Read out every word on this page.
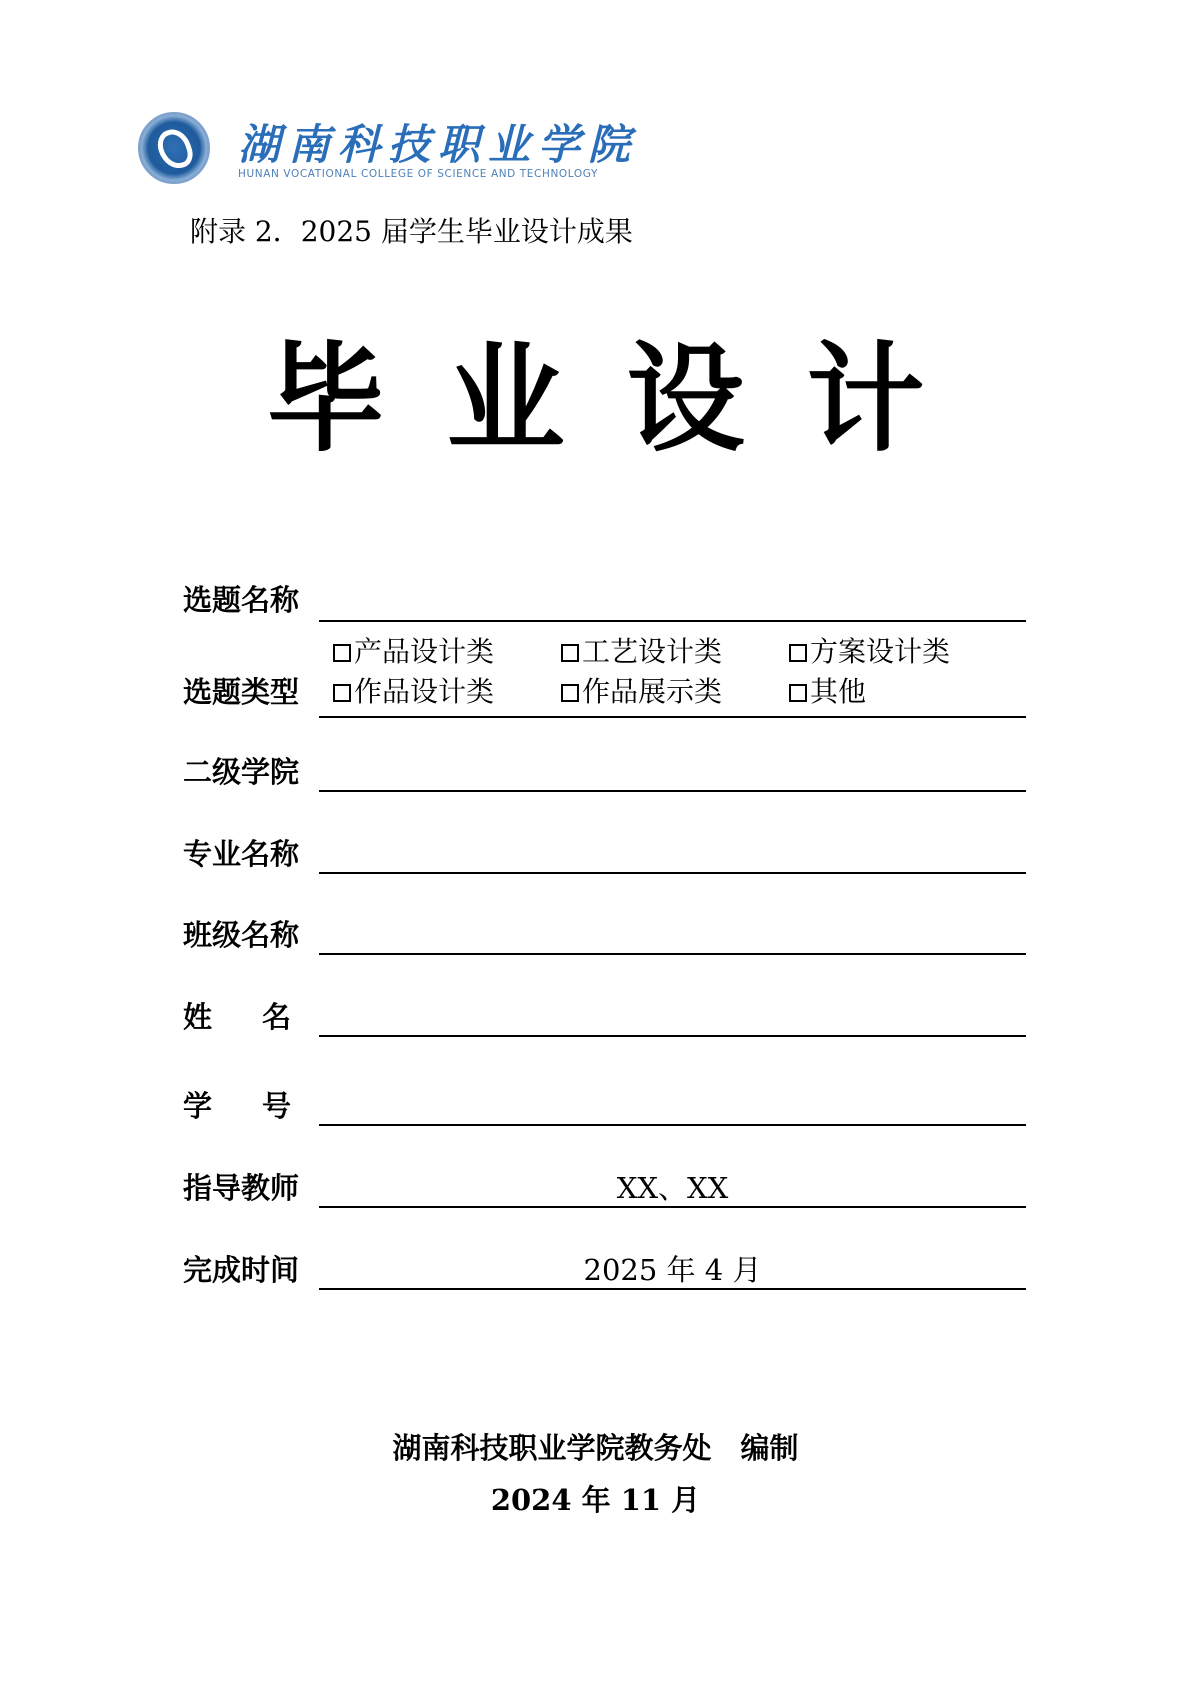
湖南科技职业学院
HUNAN VOCATIONAL COLLEGE OF SCIENCE AND TECHNOLOGY
附录 2．2025 届学生毕业设计成果
毕业设计
选题名称
选题类型
产品设计类	工艺设计类	方案设计类
作品设计类	作品展示类	其他
二级学院
专业名称
班级名称
姓名
学号
指导教师	XX、XX
完成时间	2025 年 4 月
湖南科技职业学院教务处　编制
2024 年 11 月
